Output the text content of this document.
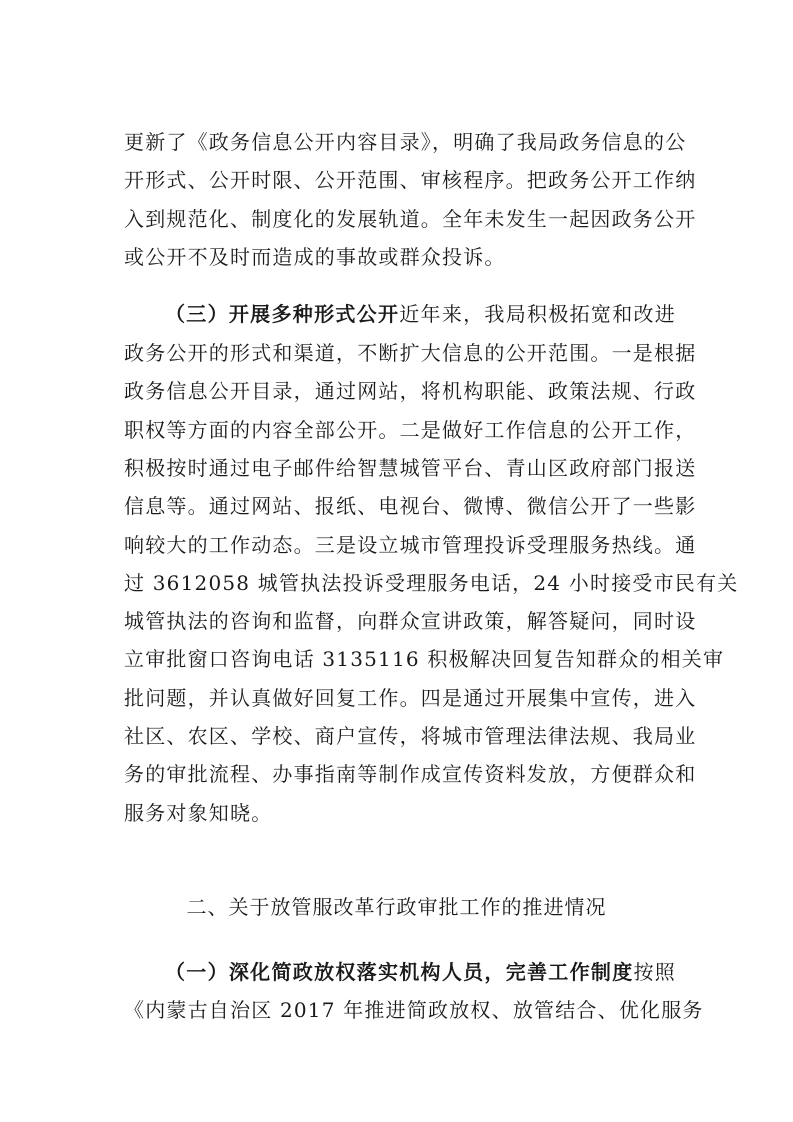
更新了《政务信息公开内容目录》，明确了我局政务信息的公
开形式、公开时限、公开范围、审核程序。把政务公开工作纳
入到规范化、制度化的发展轨道。全年未发生一起因政务公开
或公开不及时而造成的事故或群众投诉。
（三）开展多种形式公开近年来，我局积极拓宽和改进
政务公开的形式和渠道，不断扩大信息的公开范围。一是根据
政务信息公开目录，通过网站，将机构职能、政策法规、行政
职权等方面的内容全部公开。二是做好工作信息的公开工作，
积极按时通过电子邮件给智慧城管平台、青山区政府部门报送
信息等。通过网站、报纸、电视台、微博、微信公开了一些影
响较大的工作动态。三是设立城市管理投诉受理服务热线。通
过 3612058 城管执法投诉受理服务电话，24 小时接受市民有关
城管执法的咨询和监督，向群众宣讲政策，解答疑问，同时设
立审批窗口咨询电话 3135116 积极解决回复告知群众的相关审
批问题，并认真做好回复工作。四是通过开展集中宣传，进入
社区、农区、学校、商户宣传，将城市管理法律法规、我局业
务的审批流程、办事指南等制作成宣传资料发放，方便群众和
服务对象知晓。
二、关于放管服改革行政审批工作的推进情况
（一）深化简政放权落实机构人员，完善工作制度按照
《内蒙古自治区 2017 年推进简政放权、放管结合、优化服务
